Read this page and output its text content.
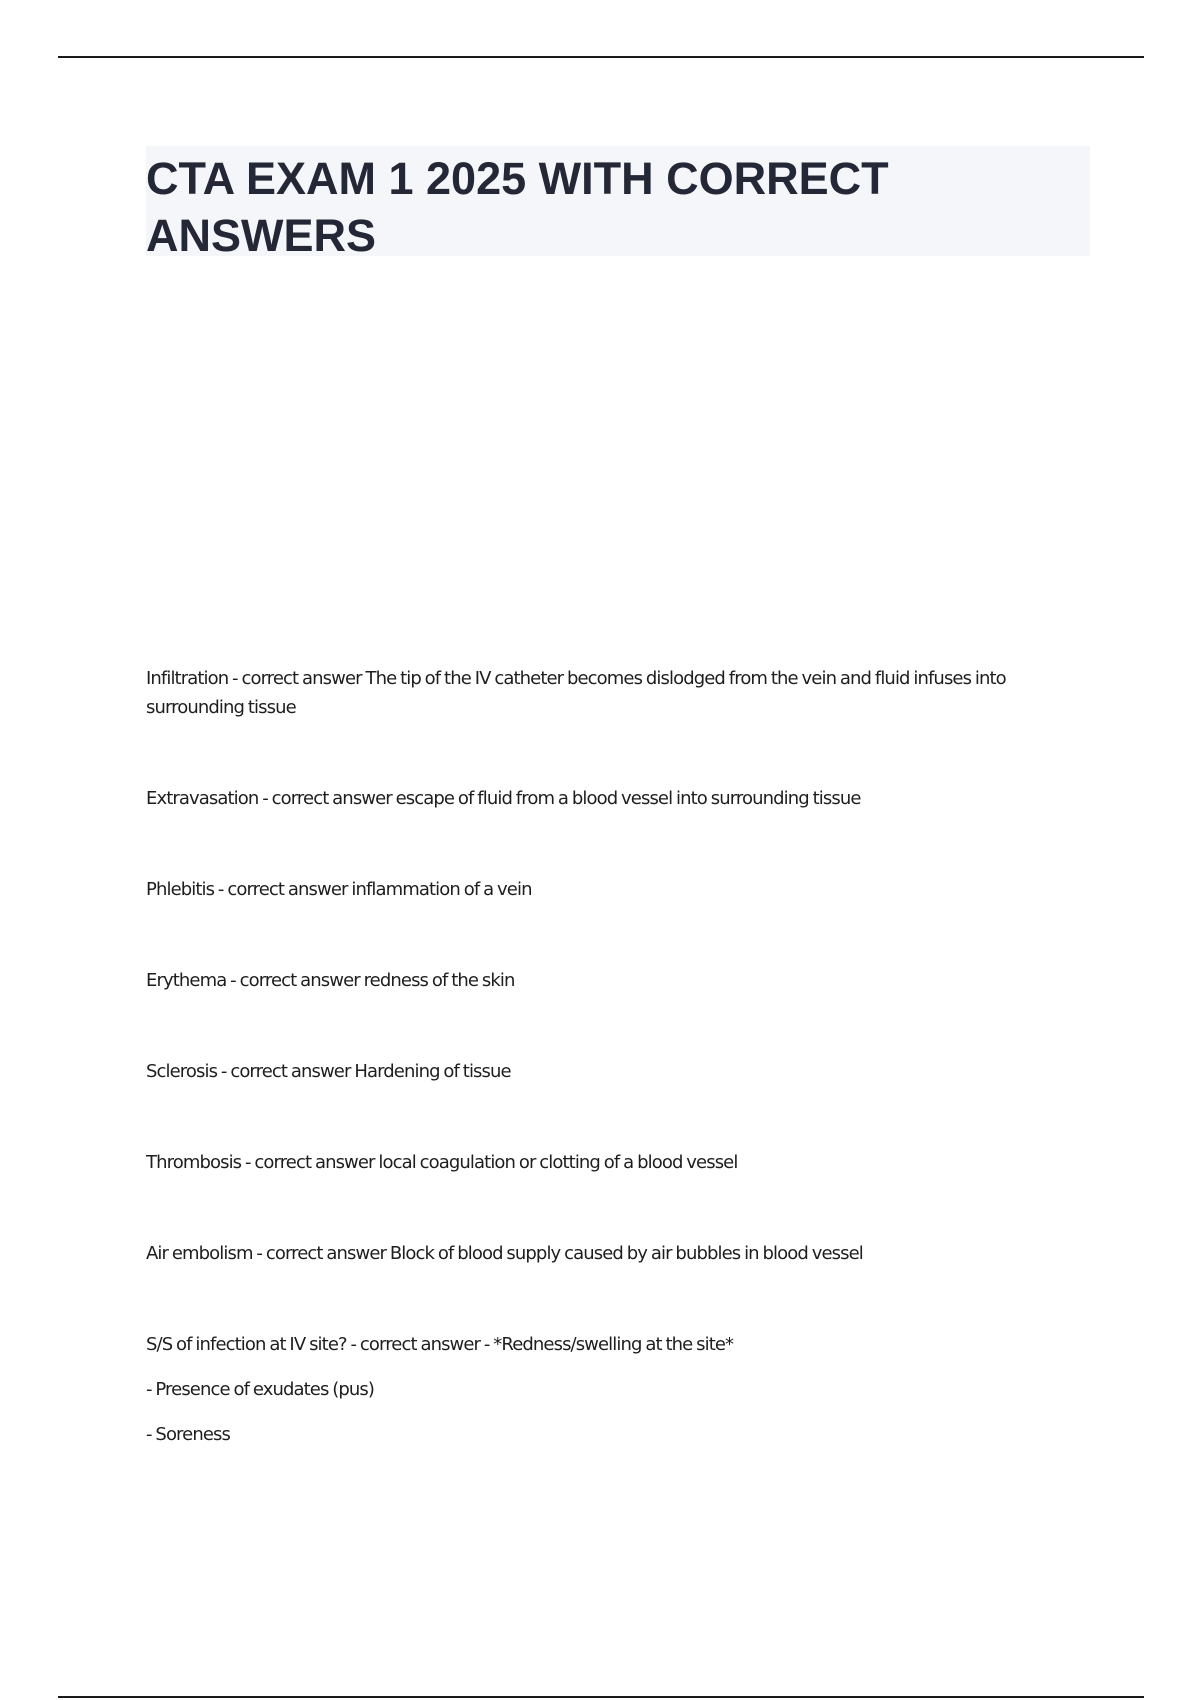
CTA EXAM 1 2025 WITH CORRECT ANSWERS

Infiltration - correct answer The tip of the IV catheter becomes dislodged from the vein and fluid infuses into surrounding tissue

Extravasation - correct answer escape of fluid from a blood vessel into surrounding tissue

Phlebitis - correct answer inflammation of a vein

Erythema - correct answer redness of the skin

Sclerosis - correct answer Hardening of tissue

Thrombosis - correct answer local coagulation or clotting of a blood vessel

Air embolism - correct answer Block of blood supply caused by air bubbles in blood vessel

S/S of infection at IV site? - correct answer - *Redness/swelling at the site*

- Presence of exudates (pus)

- Soreness
